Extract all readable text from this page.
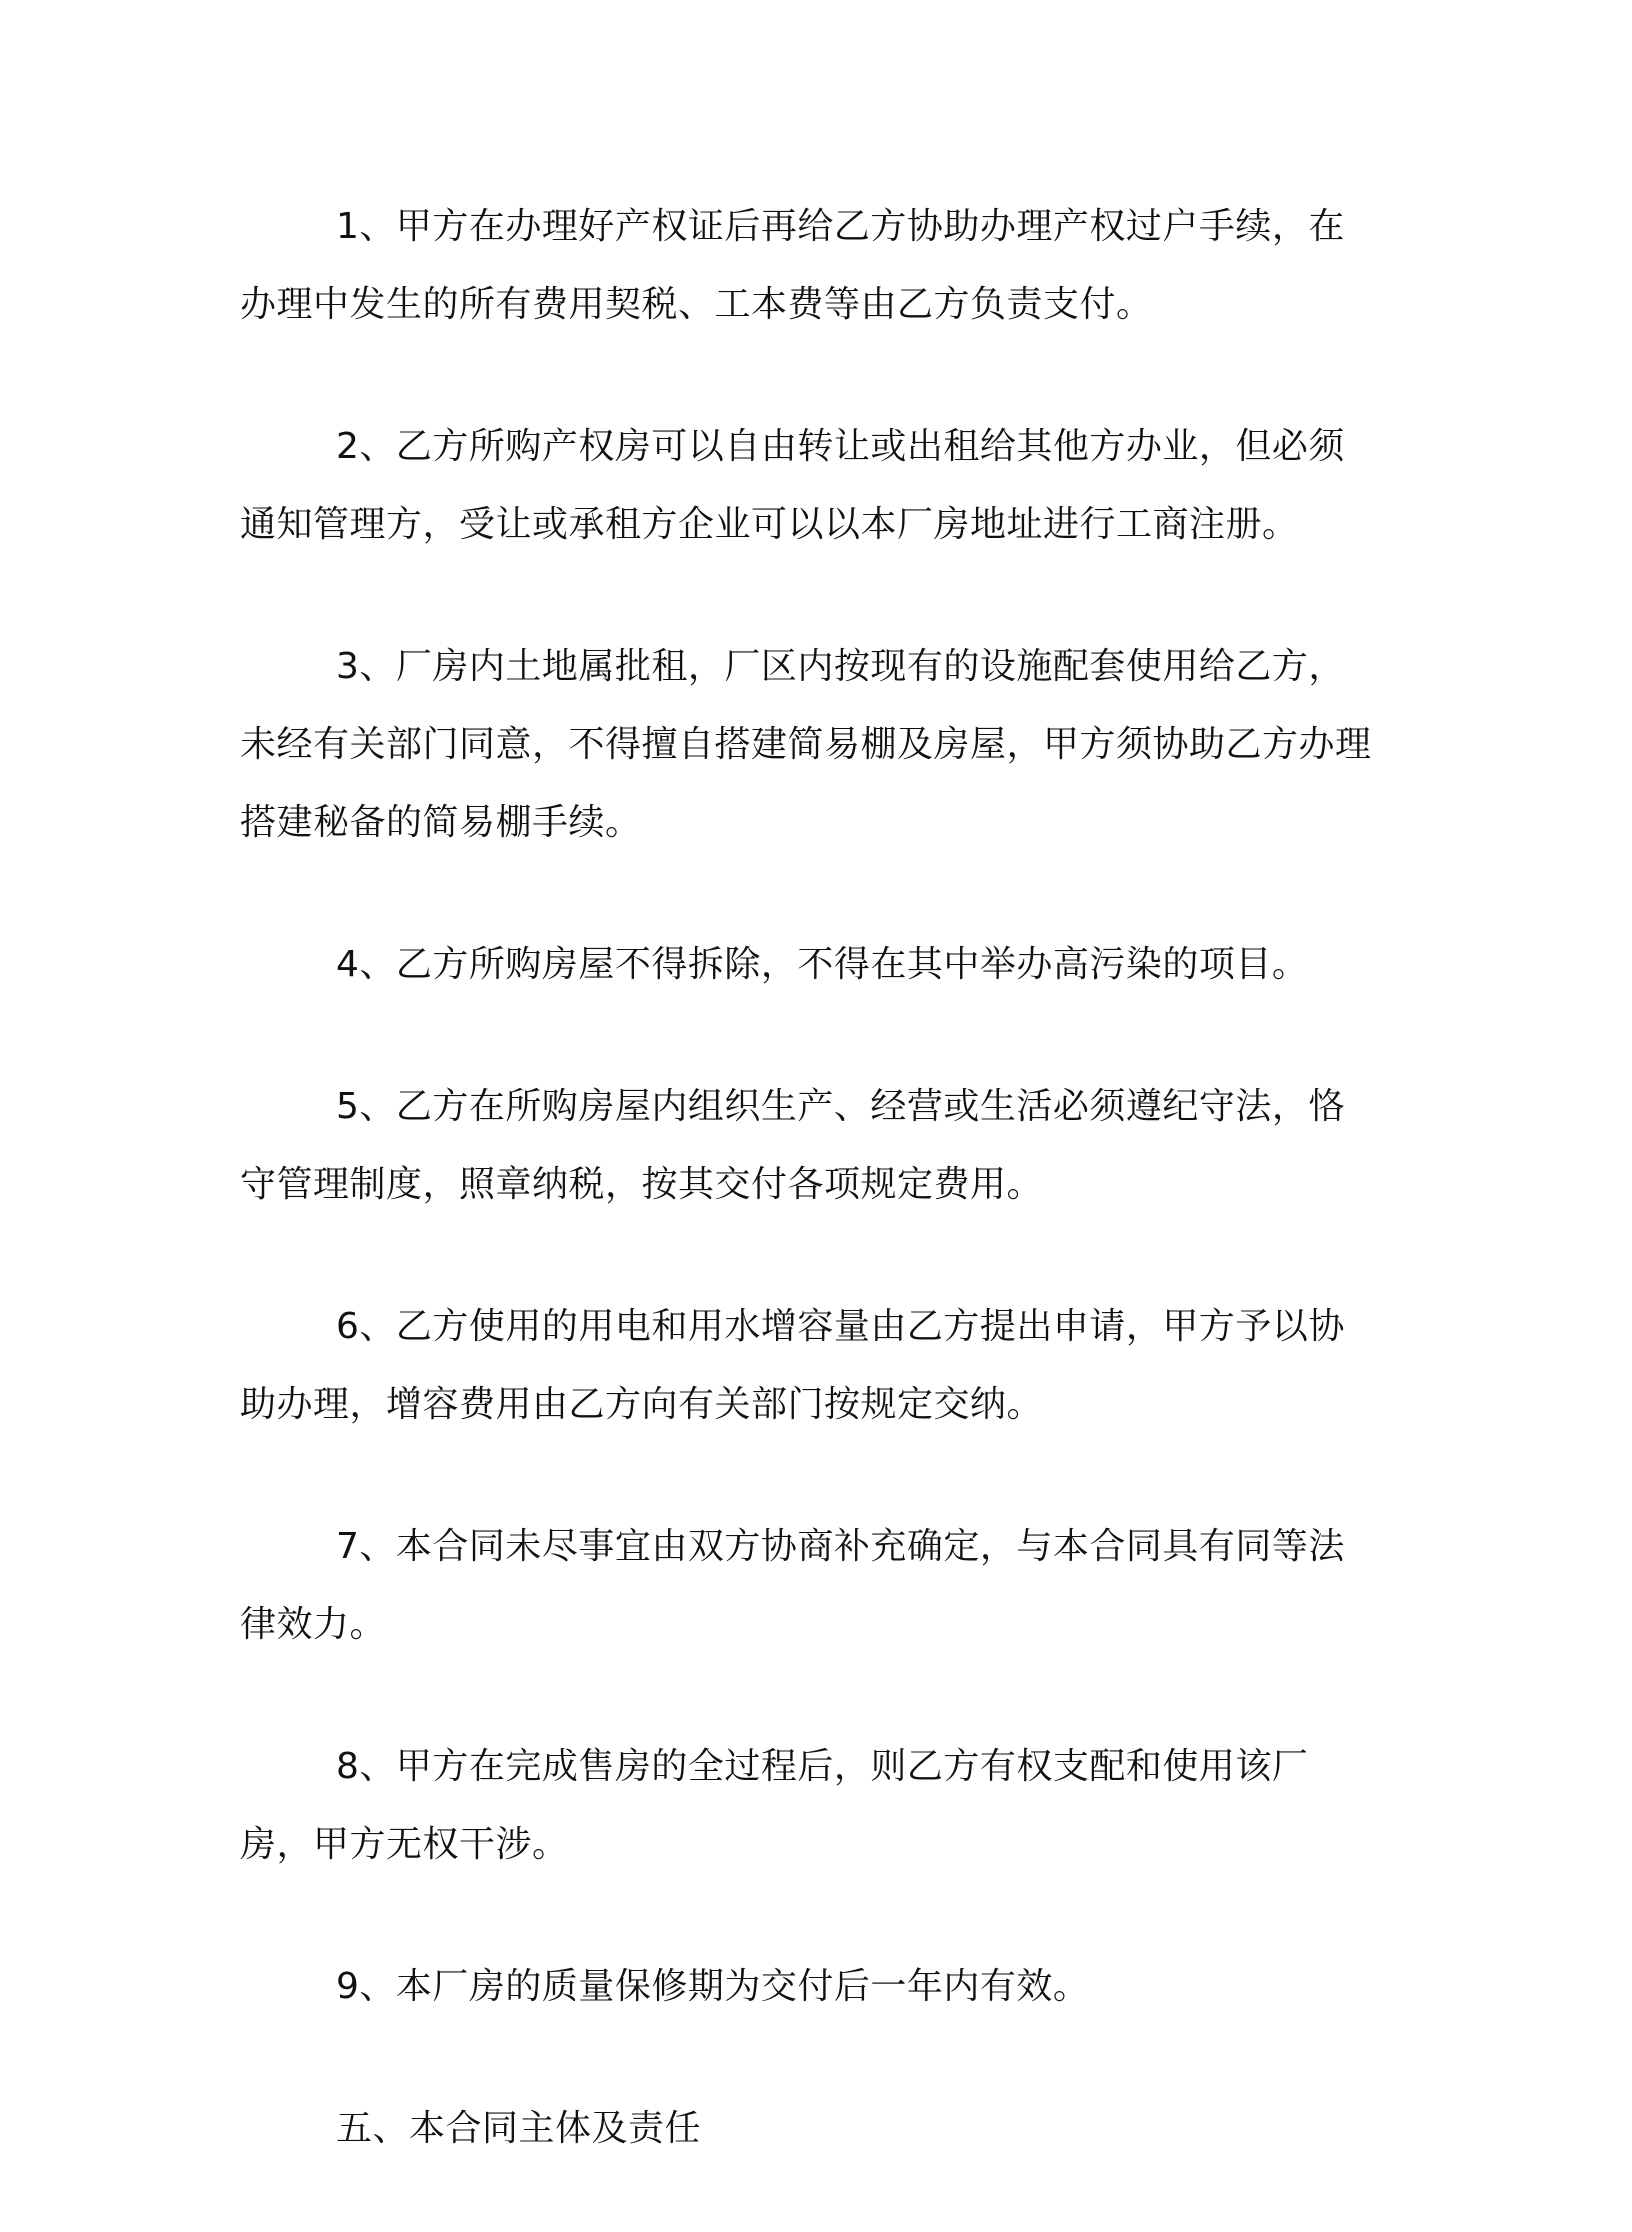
1、甲方在办理好产权证后再给乙方协助办理产权过户手续，在办理中发生的所有费用契税、工本费等由乙方负责支付。

2、乙方所购产权房可以自由转让或出租给其他方办业，但必须通知管理方，受让或承租方企业可以以本厂房地址进行工商注册。

3、厂房内土地属批租，厂区内按现有的设施配套使用给乙方，未经有关部门同意，不得擅自搭建简易棚及房屋，甲方须协助乙方办理搭建秘备的简易棚手续。

4、乙方所购房屋不得拆除，不得在其中举办高污染的项目。

5、乙方在所购房屋内组织生产、经营或生活必须遵纪守法，恪守管理制度，照章纳税，按其交付各项规定费用。

6、乙方使用的用电和用水增容量由乙方提出申请，甲方予以协助办理，增容费用由乙方向有关部门按规定交纳。

7、本合同未尽事宜由双方协商补充确定，与本合同具有同等法律效力。

8、甲方在完成售房的全过程后，则乙方有权支配和使用该厂房，甲方无权干涉。

9、本厂房的质量保修期为交付后一年内有效。

五、本合同主体及责任
